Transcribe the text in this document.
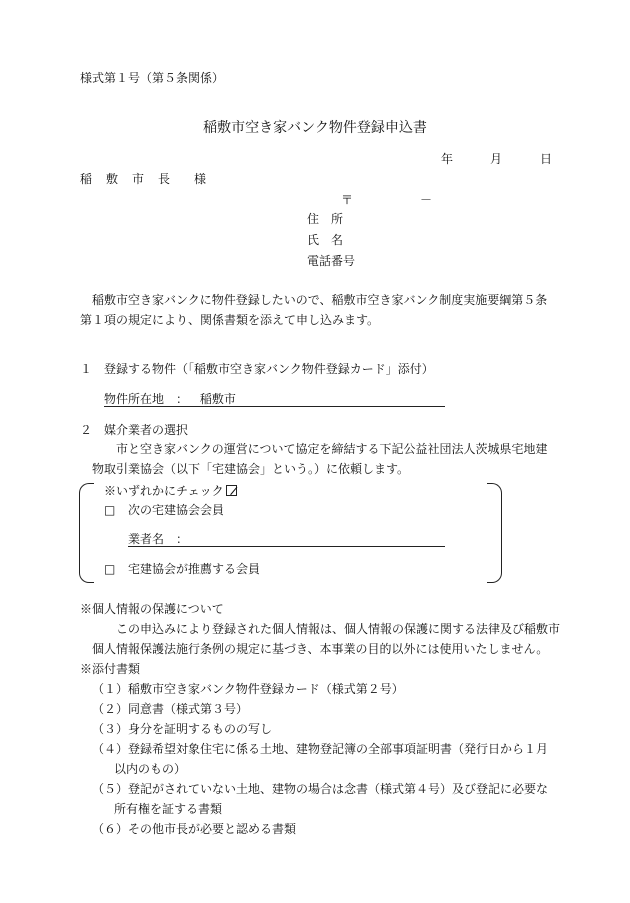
様式第１号（第５条関係）
稲敷市空き家バンク物件登録申込書
年	月	日
稲 敷 市 長 様
〒	－
住　所
氏　名
電話番号
稲敷市空き家バンクに物件登録したいので、稲敷市空き家バンク制度実施要綱第５条
第１項の規定により、関係書類を添えて申し込みます。
１ 登録する物件（「稲敷市空き家バンク物件登録カード」添付）
物件所在地　： 稲敷市
２ 媒介業者の選択
市と空き家バンクの運営について協定を締結する下記公益社団法人茨城県宅地建
物取引業協会（以下「宅建協会」という。）に依頼します。
※いずれかにチェック
□ 次の宅建協会会員
業者名　：
□ 宅建協会が推薦する会員
※個人情報の保護について
この申込みにより登録された個人情報は、個人情報の保護に関する法律及び稲敷市
個人情報保護法施行条例の規定に基づき、本事業の目的以外には使用いたしません。
※添付書類
（１）稲敷市空き家バンク物件登録カード（様式第２号）
（２）同意書（様式第３号）
（３）身分を証明するものの写し
（４）登録希望対象住宅に係る土地、建物登記簿の全部事項証明書（発行日から１月
以内のもの）
（５）登記がされていない土地、建物の場合は念書（様式第４号）及び登記に必要な
所有権を証する書類
（６）その他市長が必要と認める書類
